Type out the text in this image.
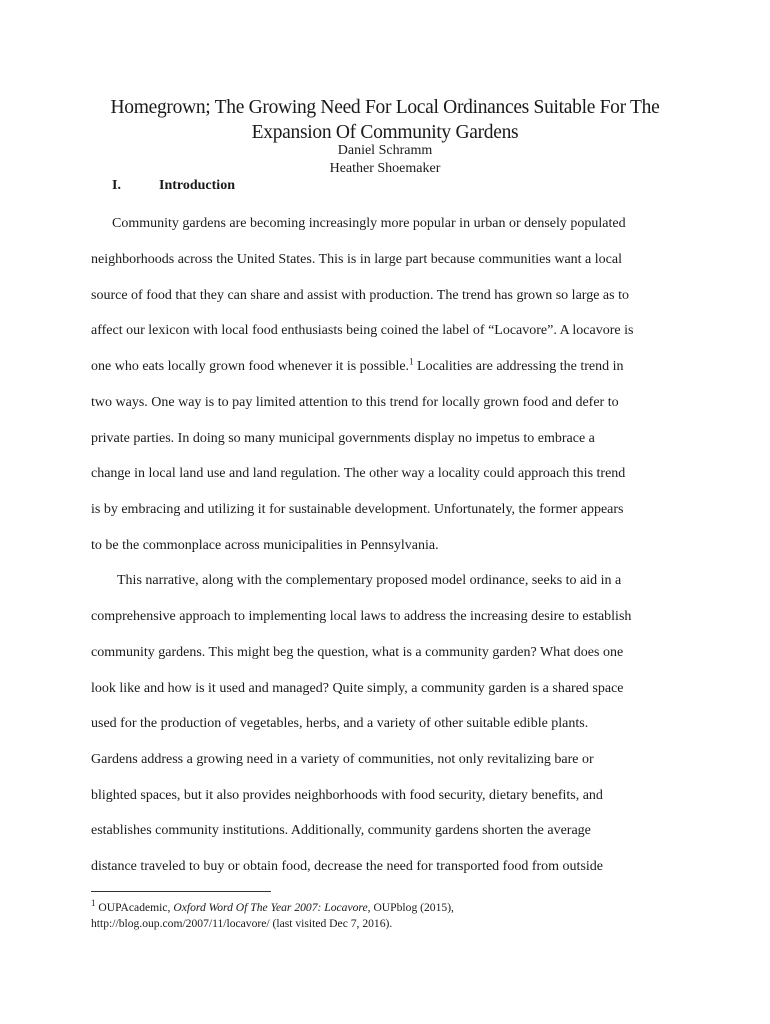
Homegrown; The Growing Need For Local Ordinances Suitable For The
Expansion Of Community Gardens
Daniel Schramm
Heather Shoemaker
I.	Introduction
Community gardens are becoming increasingly more popular in urban or densely populated
neighborhoods across the United States. This is in large part because communities want a local
source of food that they can share and assist with production. The trend has grown so large as to
affect our lexicon with local food enthusiasts being coined the label of “Locavore”. A locavore is
one who eats locally grown food whenever it is possible.$^1$ Localities are addressing the trend in
two ways. One way is to pay limited attention to this trend for locally grown food and defer to
private parties. In doing so many municipal governments display no impetus to embrace a
change in local land use and land regulation. The other way a locality could approach this trend
is by embracing and utilizing it for sustainable development. Unfortunately, the former appears
to be the commonplace across municipalities in Pennsylvania.
This narrative, along with the complementary proposed model ordinance, seeks to aid in a
comprehensive approach to implementing local laws to address the increasing desire to establish
community gardens. This might beg the question, what is a community garden? What does one
look like and how is it used and managed? Quite simply, a community garden is a shared space
used for the production of vegetables, herbs, and a variety of other suitable edible plants.
Gardens address a growing need in a variety of communities, not only revitalizing bare or
blighted spaces, but it also provides neighborhoods with food security, dietary benefits, and
establishes community institutions. Additionally, community gardens shorten the average
distance traveled to buy or obtain food, decrease the need for transported food from outside
$^1$ OUPAcademic, Oxford Word Of The Year 2007: Locavore, OUPblog (2015),
http://blog.oup.com/2007/11/locavore/ (last visited Dec 7, 2016).
